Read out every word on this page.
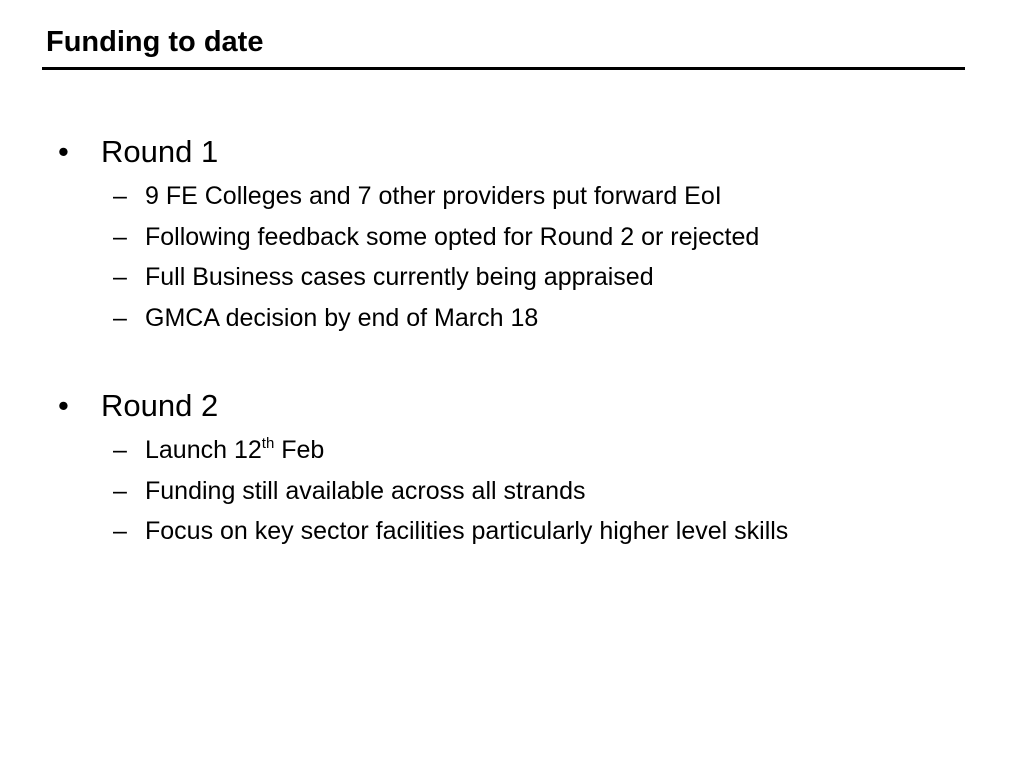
Funding to date
• Round 1
– 9 FE Colleges and 7 other providers put forward EoI
– Following feedback some opted for Round 2 or rejected
– Full Business cases currently being appraised
– GMCA decision by end of March 18
• Round 2
– Launch 12th Feb
– Funding still available across all strands
– Focus on key sector facilities particularly higher level skills
